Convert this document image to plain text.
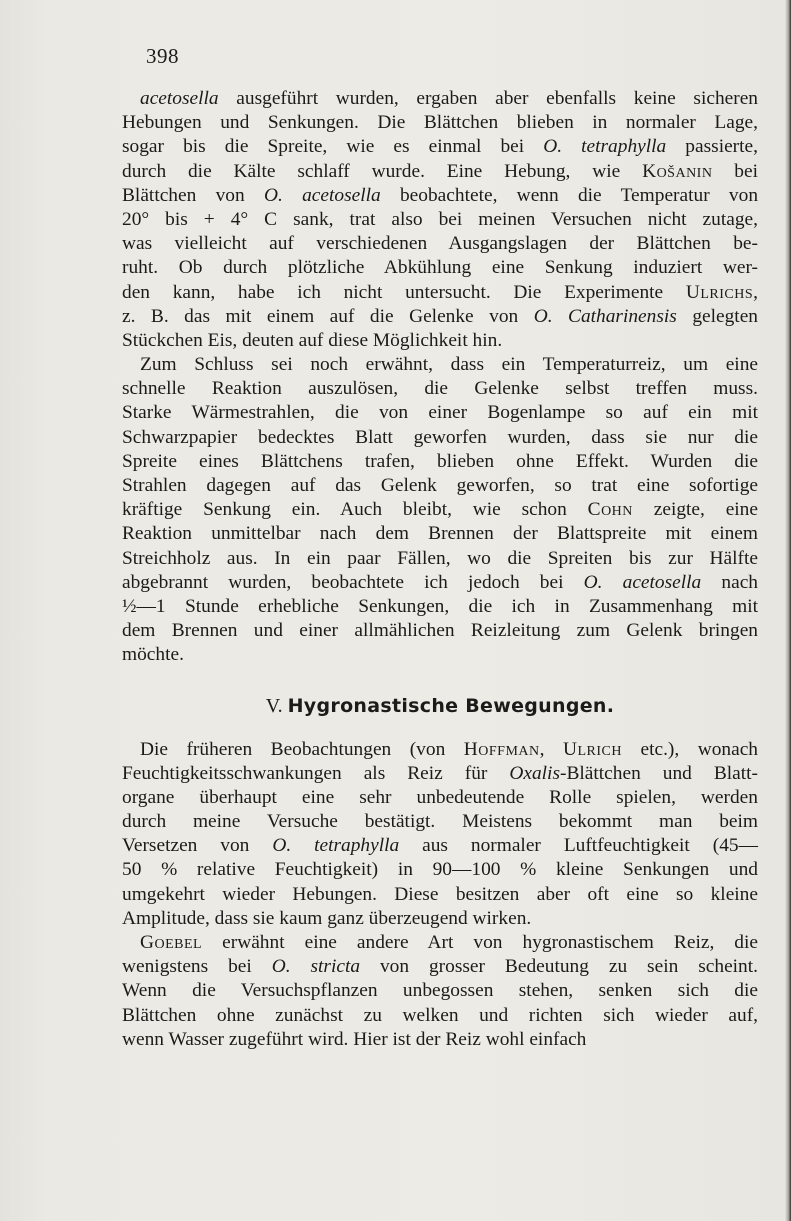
398
acetosella ausgeführt wurden, ergaben aber ebenfalls keine sicheren
Hebungen und Senkungen. Die Blättchen blieben in normaler Lage,
sogar bis die Spreite, wie es einmal bei O. tetraphylla passierte,
durch die Kälte schlaff wurde. Eine Hebung, wie Košanin bei
Blättchen von O. acetosella beobachtete, wenn die Temperatur von
20° bis + 4° C sank, trat also bei meinen Versuchen nicht zutage,
was vielleicht auf verschiedenen Ausgangslagen der Blättchen be-
ruht. Ob durch plötzliche Abkühlung eine Senkung induziert wer-
den kann, habe ich nicht untersucht. Die Experimente Ulrichs,
z. B. das mit einem auf die Gelenke von O. Catharinensis gelegten
Stückchen Eis, deuten auf diese Möglichkeit hin.
Zum Schluss sei noch erwähnt, dass ein Temperaturreiz, um eine
schnelle Reaktion auszulösen, die Gelenke selbst treffen muss.
Starke Wärmestrahlen, die von einer Bogenlampe so auf ein mit
Schwarzpapier bedecktes Blatt geworfen wurden, dass sie nur die
Spreite eines Blättchens trafen, blieben ohne Effekt. Wurden die
Strahlen dagegen auf das Gelenk geworfen, so trat eine sofortige
kräftige Senkung ein. Auch bleibt, wie schon Cohn zeigte, eine
Reaktion unmittelbar nach dem Brennen der Blattspreite mit einem
Streichholz aus. In ein paar Fällen, wo die Spreiten bis zur Hälfte
abgebrannt wurden, beobachtete ich jedoch bei O. acetosella nach
½—1 Stunde erhebliche Senkungen, die ich in Zusammenhang mit
dem Brennen und einer allmählichen Reizleitung zum Gelenk bringen
möchte.
V. Hygronastische Bewegungen.
Die früheren Beobachtungen (von Hoffman, Ulrich etc.), wonach
Feuchtigkeitsschwankungen als Reiz für Oxalis-Blättchen und Blatt-
organe überhaupt eine sehr unbedeutende Rolle spielen, werden
durch meine Versuche bestätigt. Meistens bekommt man beim
Versetzen von O. tetraphylla aus normaler Luftfeuchtigkeit (45—
50 % relative Feuchtigkeit) in 90—100 % kleine Senkungen und
umgekehrt wieder Hebungen. Diese besitzen aber oft eine so kleine
Amplitude, dass sie kaum ganz überzeugend wirken.
Goebel erwähnt eine andere Art von hygronastischem Reiz, die
wenigstens bei O. stricta von grosser Bedeutung zu sein scheint.
Wenn die Versuchspflanzen unbegossen stehen, senken sich die
Blättchen ohne zunächst zu welken und richten sich wieder auf,
wenn Wasser zugeführt wird. Hier ist der Reiz wohl einfach
